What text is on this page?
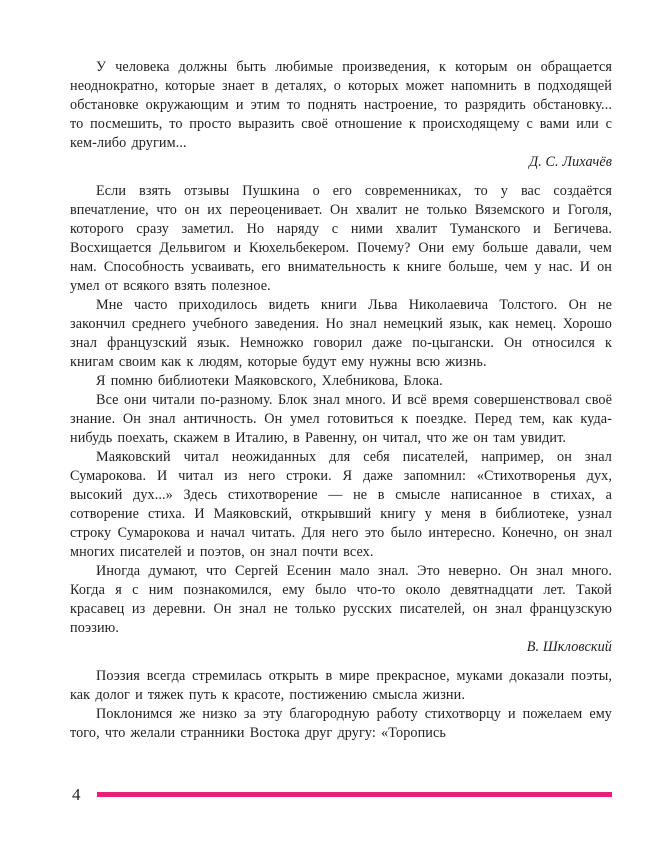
У человека должны быть любимые произведения, к которым он обращается неоднократно, которые знает в деталях, о которых может напомнить в подходящей обстановке окружающим и этим то поднять настроение, то разрядить обстановку... то посмешить, то просто выразить своё отношение к происходящему с вами или с кем-либо другим...

Д. С. Лихачёв

Если взять отзывы Пушкина о его современниках, то у вас создаётся впечатление, что он их переоценивает. Он хвалит не только Вяземского и Гоголя, которого сразу заметил. Но наряду с ними хвалит Туманского и Бегичева. Восхищается Дельвигом и Кюхельбекером. Почему? Они ему больше давали, чем нам. Способность усваивать, его внимательность к книге больше, чем у нас. И он умел от всякого взять полезное.

Мне часто приходилось видеть книги Льва Николаевича Толстого. Он не закончил среднего учебного заведения. Но знал немецкий язык, как немец. Хорошо знал французский язык. Немножко говорил даже по-цыгански. Он относился к книгам своим как к людям, которые будут ему нужны всю жизнь.

Я помню библиотеки Маяковского, Хлебникова, Блока.

Все они читали по-разному. Блок знал много. И всё время совершенствовал своё знание. Он знал античность. Он умел готовиться к поездке. Перед тем, как куда-нибудь поехать, скажем в Италию, в Равенну, он читал, что же он там увидит.

Маяковский читал неожиданных для себя писателей, например, он знал Сумарокова. И читал из него строки. Я даже запомнил: «Стихотворенья дух, высокий дух...» Здесь стихотворение — не в смысле написанное в стихах, а сотворение стиха. И Маяковский, открывший книгу у меня в библиотеке, узнал строку Сумарокова и начал читать. Для него это было интересно. Конечно, он знал многих писателей и поэтов, он знал почти всех.

Иногда думают, что Сергей Есенин мало знал. Это неверно. Он знал много. Когда я с ним познакомился, ему было что-то около девятнадцати лет. Такой красавец из деревни. Он знал не только русских писателей, он знал французскую поэзию.

В. Шкловский

Поэзия всегда стремилась открыть в мире прекрасное, муками доказали поэты, как долог и тяжек путь к красоте, постижению смысла жизни.

Поклонимся же низко за эту благородную работу стихотворцу и пожелаем ему того, что желали странники Востока друг другу: «Торопись

4
